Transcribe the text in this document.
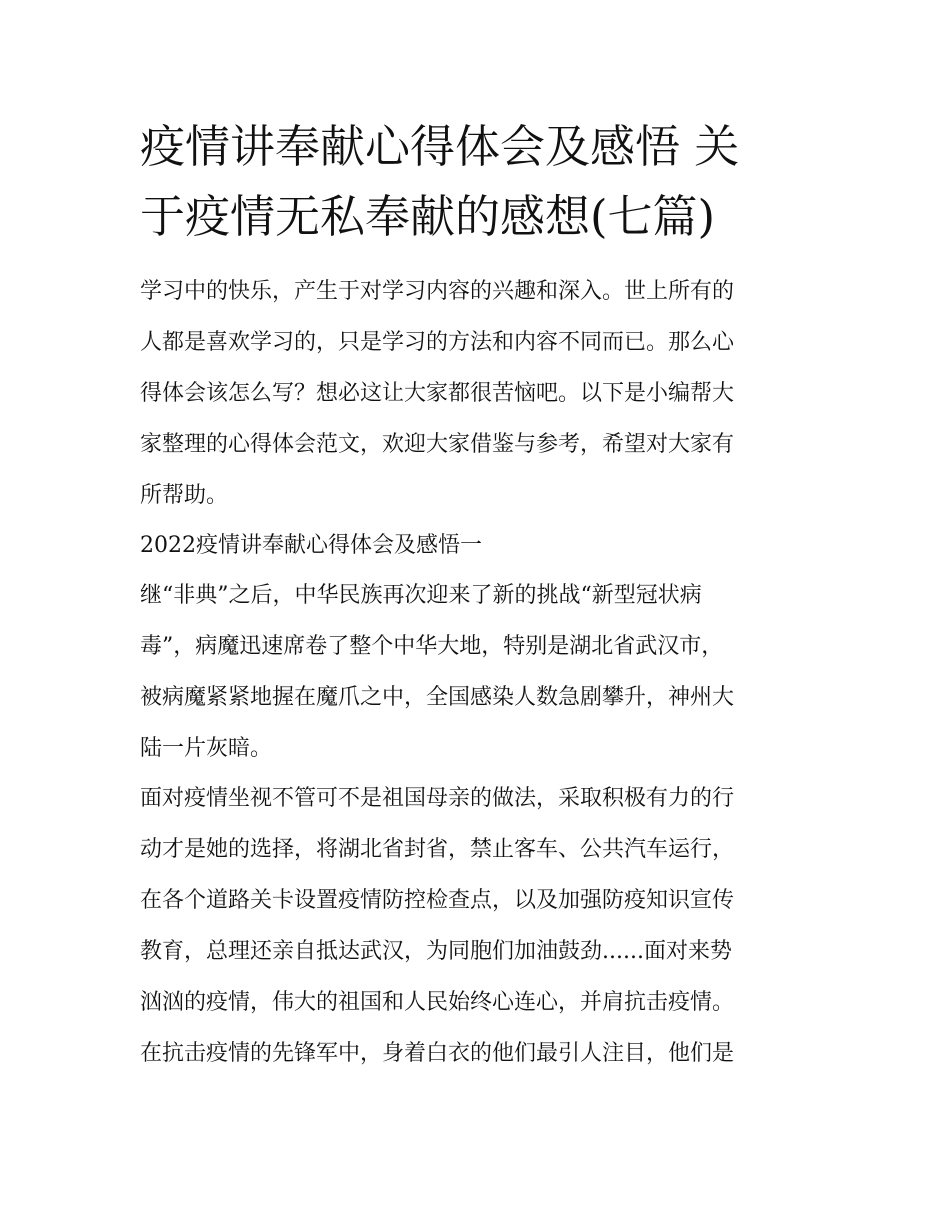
疫情讲奉献心得体会及感悟 关
于疫情无私奉献的感想(七篇)
学习中的快乐，产生于对学习内容的兴趣和深入。世上所有的
人都是喜欢学习的，只是学习的方法和内容不同而已。那么心
得体会该怎么写？想必这让大家都很苦恼吧。以下是小编帮大
家整理的心得体会范文，欢迎大家借鉴与参考，希望对大家有
所帮助。
2022疫情讲奉献心得体会及感悟一
继“非典”之后，中华民族再次迎来了新的挑战“新型冠状病
毒”，病魔迅速席卷了整个中华大地，特别是湖北省武汉市，
被病魔紧紧地握在魔爪之中，全国感染人数急剧攀升，神州大
陆一片灰暗。
面对疫情坐视不管可不是祖国母亲的做法，采取积极有力的行
动才是她的选择，将湖北省封省，禁止客车、公共汽车运行，
在各个道路关卡设置疫情防控检查点，以及加强防疫知识宣传
教育，总理还亲自抵达武汉，为同胞们加油鼓劲......面对来势
汹汹的疫情，伟大的祖国和人民始终心连心，并肩抗击疫情。
在抗击疫情的先锋军中，身着白衣的他们最引人注目，他们是
